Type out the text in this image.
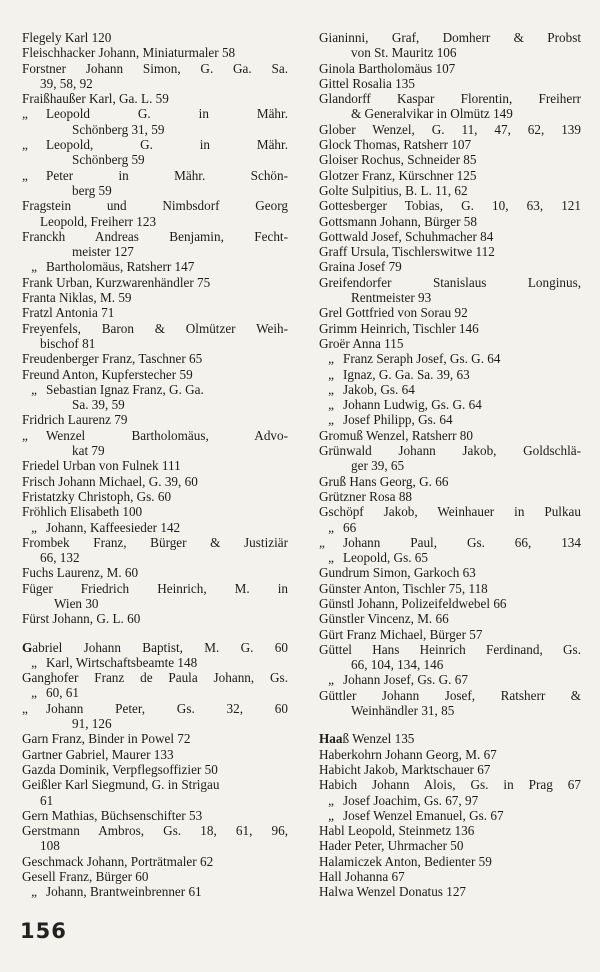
Flegely Karl 120
Fleischhacker Johann, Miniaturmaler 58
Forstner Johann Simon, G. Ga. Sa.
39, 58, 92
Fraißhaußer Karl, Ga. L. 59
„ Leopold G. in Mähr.
Schönberg 31, 59
„ Leopold, G. in Mähr.
Schönberg 59
„ Peter in Mähr. Schön-
berg 59
Fragstein und Nimbsdorf Georg
Leopold, Freiherr 123
Franckh Andreas Benjamin, Fecht-
meister 127
„ Bartholomäus, Ratsherr 147
Frank Urban, Kurzwarenhändler 75
Franta Niklas, M. 59
Fratzl Antonia 71
Freyenfels, Baron & Olmützer Weih-
bischof 81
Freudenberger Franz, Taschner 65
Freund Anton, Kupferstecher 59
„ Sebastian Ignaz Franz, G. Ga.
Sa. 39, 59
Fridrich Laurenz 79
„ Wenzel Bartholomäus, Advo-
kat 79
Friedel Urban von Fulnek 111
Frisch Johann Michael, G. 39, 60
Fristatzky Christoph, Gs. 60
Fröhlich Elisabeth 100
„ Johann, Kaffeesieder 142
Frombek Franz, Bürger & Justiziär
66, 132
Fuchs Laurenz, M. 60
Füger Friedrich Heinrich, M. in
Wien 30
Fürst Johann, G. L. 60
Gabriel Johann Baptist, M. G. 60
„ Karl, Wirtschaftsbeamte 148
Ganghofer Franz de Paula Johann, Gs.
„ 60, 61
„ Johann Peter, Gs. 32, 60
91, 126
Garn Franz, Binder in Powel 72
Gartner Gabriel, Maurer 133
Gazda Dominik, Verpflegsoffizier 50
Geißler Karl Siegmund, G. in Strigau
61
Gern Mathias, Büchsenschifter 53
Gerstmann Ambros, Gs. 18, 61, 96,
108
Geschmack Johann, Porträtmaler 62
Gesell Franz, Bürger 60
„ Johann, Brantweinbrenner 61
Gianinni, Graf, Domherr & Probst
von St. Mauritz 106
Ginola Bartholomäus 107
Gittel Rosalia 135
Glandorff Kaspar Florentin, Freiherr
& Generalvikar in Olmütz 149
Glober Wenzel, G. 11, 47, 62, 139
Glock Thomas, Ratsherr 107
Gloiser Rochus, Schneider 85
Glotzer Franz, Kürschner 125
Golte Sulpitius, B. L. 11, 62
Gottesberger Tobias, G. 10, 63, 121
Gottsmann Johann, Bürger 58
Gottwald Josef, Schuhmacher 84
Graff Ursula, Tischlerswitwe 112
Graina Josef 79
Greifendorfer Stanislaus Longinus,
Rentmeister 93
Grel Gottfried von Sorau 92
Grimm Heinrich, Tischler 146
Groër Anna 115
„ Franz Seraph Josef, Gs. G. 64
„ Ignaz, G. Ga. Sa. 39, 63
„ Jakob, Gs. 64
„ Johann Ludwig, Gs. G. 64
„ Josef Philipp, Gs. 64
Gromuß Wenzel, Ratsherr 80
Grünwald Johann Jakob, Goldschlä-
ger 39, 65
Gruß Hans Georg, G. 66
Grützner Rosa 88
Gschöpf Jakob, Weinhauer in Pulkau
„ 66
„ Johann Paul, Gs. 66, 134
„ Leopold, Gs. 65
Gundrum Simon, Garkoch 63
Günster Anton, Tischler 75, 118
Günstl Johann, Polizeifeldwebel 66
Günstler Vincenz, M. 66
Gürt Franz Michael, Bürger 57
Güttel Hans Heinrich Ferdinand, Gs.
66, 104, 134, 146
„ Johann Josef, Gs. G. 67
Güttler Johann Josef, Ratsherr &
Weinhändler 31, 85
Haaß Wenzel 135
Haberkohrn Johann Georg, M. 67
Habicht Jakob, Marktschauer 67
Habich Johann Alois, Gs. in Prag 67
„ Josef Joachim, Gs. 67, 97
„ Josef Wenzel Emanuel, Gs. 67
Habl Leopold, Steinmetz 136
Hader Peter, Uhrmacher 50
Halamiczek Anton, Bedienter 59
Hall Johanna 67
Halwa Wenzel Donatus 127
156
